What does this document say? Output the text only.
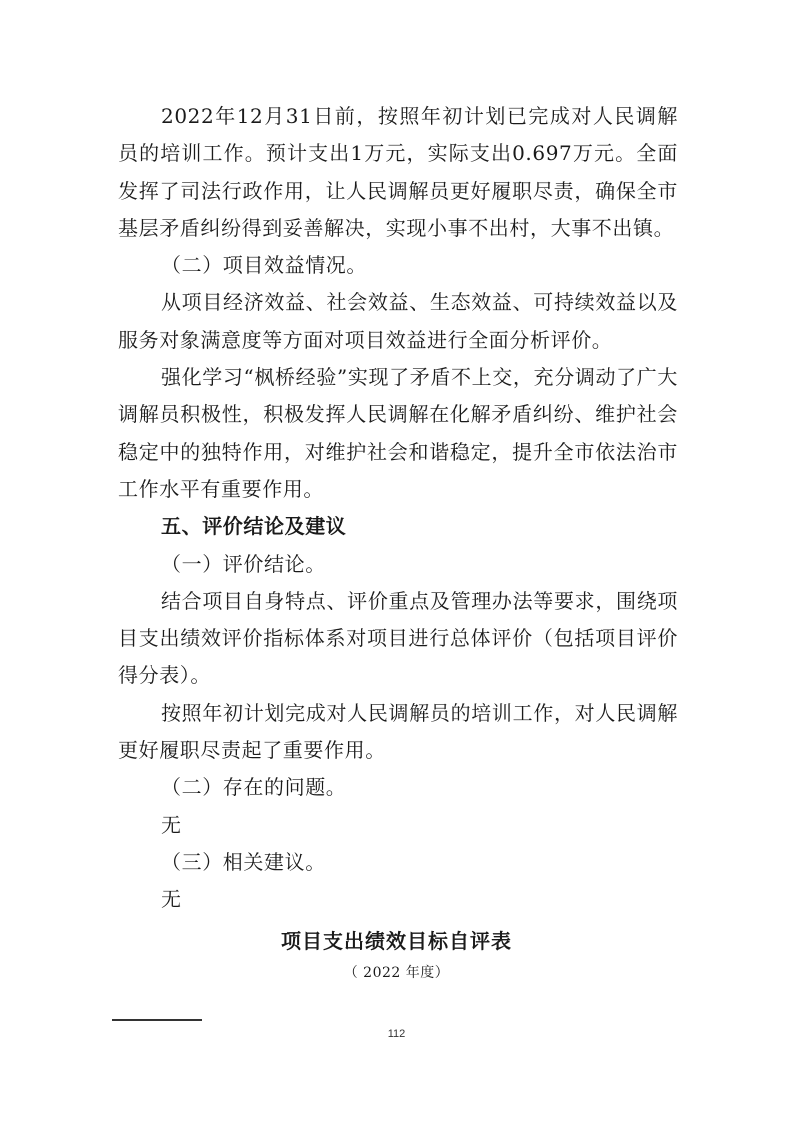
2022年12月31日前，按照年初计划已完成对人民调解员的培训工作。预计支出1万元，实际支出0.697万元。全面发挥了司法行政作用，让人民调解员更好履职尽责，确保全市基层矛盾纠纷得到妥善解决，实现小事不出村，大事不出镇。

（二）项目效益情况。

从项目经济效益、社会效益、生态效益、可持续效益以及服务对象满意度等方面对项目效益进行全面分析评价。

强化学习“枫桥经验”实现了矛盾不上交，充分调动了广大调解员积极性，积极发挥人民调解在化解矛盾纠纷、维护社会稳定中的独特作用，对维护社会和谐稳定，提升全市依法治市工作水平有重要作用。

五、评价结论及建议

（一）评价结论。

结合项目自身特点、评价重点及管理办法等要求，围绕项目支出绩效评价指标体系对项目进行总体评价（包括项目评价得分表）。

按照年初计划完成对人民调解员的培训工作，对人民调解更好履职尽责起了重要作用。

（二）存在的问题。

无

（三）相关建议。

无

项目支出绩效目标自评表
（ 2022 年度）
112
